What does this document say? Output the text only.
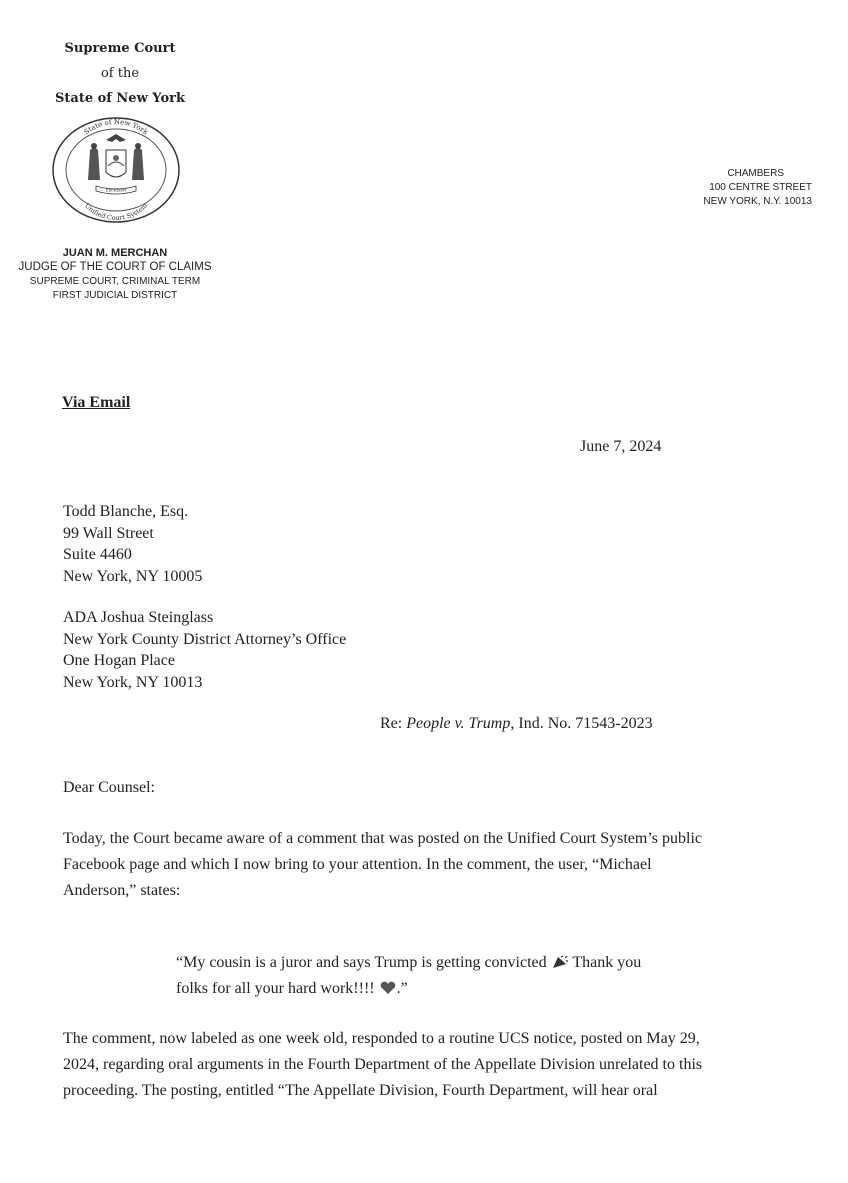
Supreme Court
of the
State of New York
State of New York
Unified Court System
Excelsior
JUAN M. MERCHAN
JUDGE OF THE COURT OF CLAIMS
SUPREME COURT, CRIMINAL TERM
FIRST JUDICIAL DISTRICT
CHAMBERS
100 CENTRE STREET
NEW YORK, N.Y. 10013
Via Email
June 7, 2024
Todd Blanche, Esq.
99 Wall Street
Suite 4460
New York, NY 10005
ADA Joshua Steinglass
New York County District Attorney’s Office
One Hogan Place
New York, NY 10013
Re: People v. Trump, Ind. No. 71543-2023
Dear Counsel:
Today, the Court became aware of a comment that was posted on the Unified Court System’s public
Facebook page and which I now bring to your attention. In the comment, the user, “Michael
Anderson,” states:
“My cousin is a juror and says Trump is getting convicted  Thank you
folks for all your hard work!!!! .”
The comment, now labeled as one week old, responded to a routine UCS notice, posted on May 29,
2024, regarding oral arguments in the Fourth Department of the Appellate Division unrelated to this
proceeding. The posting, entitled “The Appellate Division, Fourth Department, will hear oral
